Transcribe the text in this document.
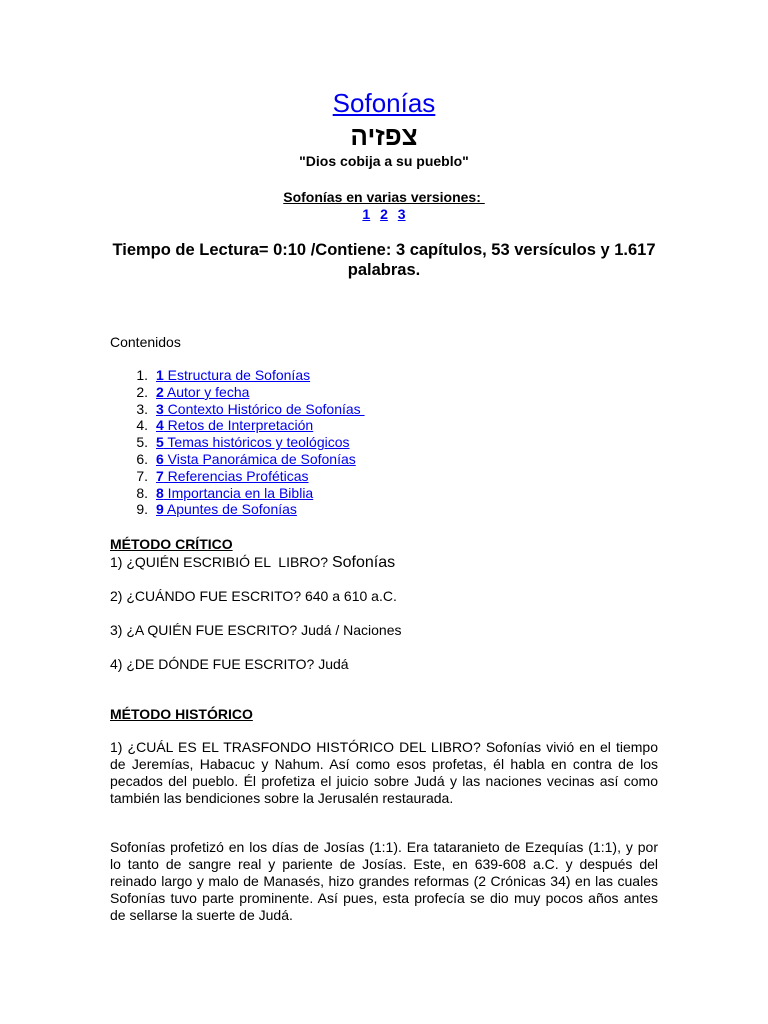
Sofonías
צפזיה
"Dios cobija a su pueblo"
Sofonías en varias versiones:
1 2 3
Tiempo de Lectura= 0:10 /Contiene: 3 capítulos, 53 versículos y 1.617 palabras.
Contenidos
1. 1 Estructura de Sofonías
2. 2 Autor y fecha
3. 3 Contexto Histórico de Sofonías
4. 4 Retos de Interpretación
5. 5 Temas históricos y teológicos
6. 6 Vista Panorámica de Sofonías
7. 7 Referencias Proféticas
8. 8 Importancia en la Biblia
9. 9 Apuntes de Sofonías
MÉTODO CRÍTICO
1) ¿QUIÉN ESCRIBIÓ EL  LIBRO? Sofonías
2) ¿CUÁNDO FUE ESCRITO? 640 a 610 a.C.
3) ¿A QUIÉN FUE ESCRITO? Judá / Naciones
4) ¿DE DÓNDE FUE ESCRITO? Judá
MÉTODO HISTÓRICO
1) ¿CUÁL ES EL TRASFONDO HISTÓRICO DEL LIBRO? Sofonías vivió en el tiempo de Jeremías, Habacuc y Nahum. Así como esos profetas, él habla en contra de los pecados del pueblo. Él profetiza el juicio sobre Judá y las naciones vecinas así como también las bendiciones sobre la Jerusalén restaurada.
Sofonías profetizó en los días de Josías (1:1). Era tataranieto de Ezequías (1:1), y por lo tanto de sangre real y pariente de Josías. Este, en 639-608 a.C. y después del reinado largo y malo de Manasés, hizo grandes reformas (2 Crónicas 34) en las cuales Sofonías tuvo parte prominente. Así pues, esta profecía se dio muy pocos años antes de sellarse la suerte de Judá.
